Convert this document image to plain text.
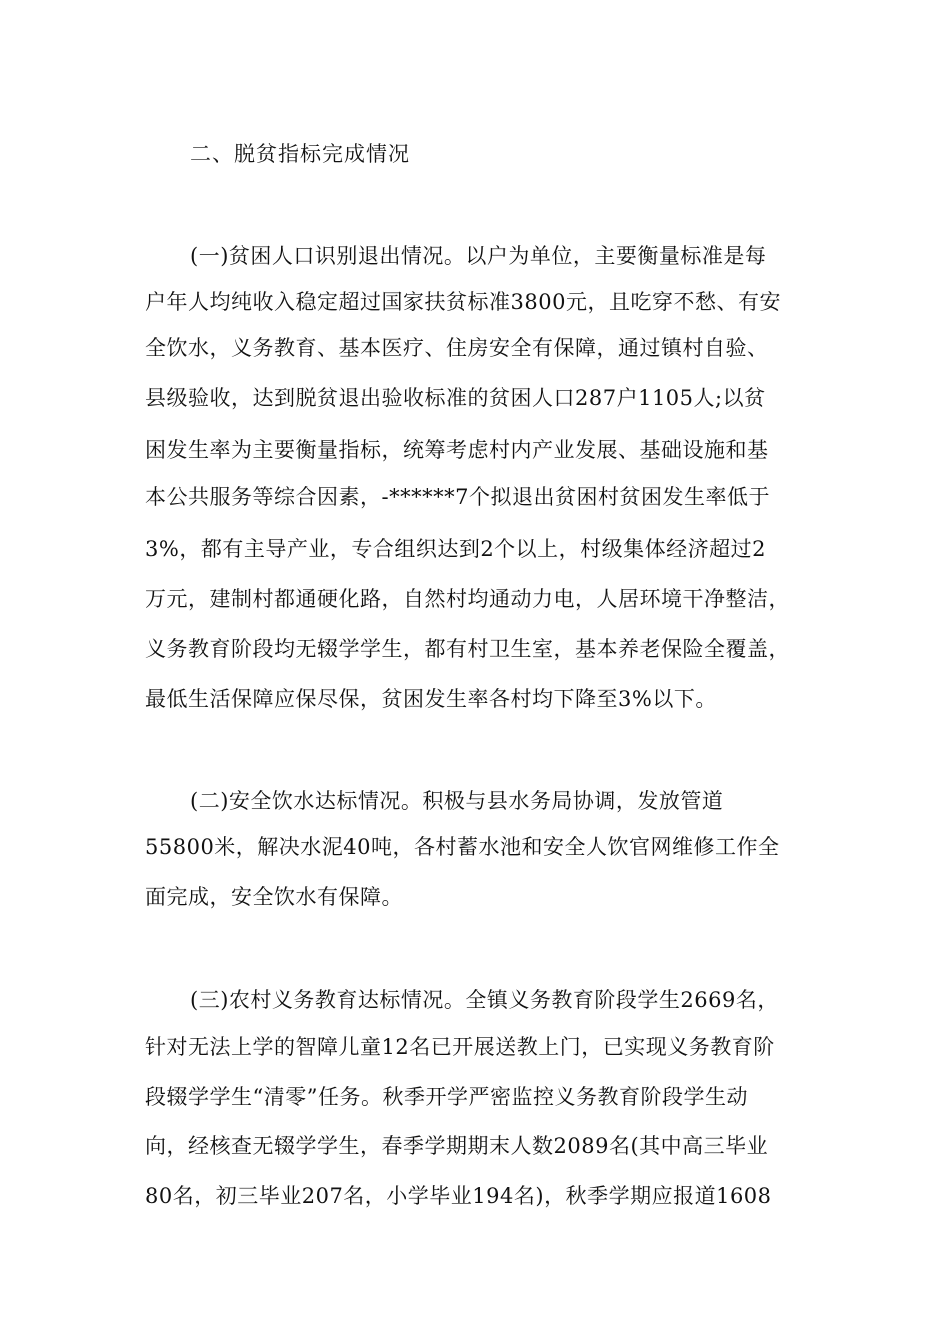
二、脱贫指标完成情况
(一)贫困人口识别退出情况。以户为单位，主要衡量标准是每
户年人均纯收入稳定超过国家扶贫标准3800元，且吃穿不愁、有安
全饮水，义务教育、基本医疗、住房安全有保障，通过镇村自验、
县级验收，达到脱贫退出验收标准的贫困人口287户1105人;以贫
困发生率为主要衡量指标，统筹考虑村内产业发展、基础设施和基
本公共服务等综合因素，-******7个拟退出贫困村贫困发生率低于
3%，都有主导产业，专合组织达到2个以上，村级集体经济超过2
万元，建制村都通硬化路，自然村均通动力电，人居环境干净整洁，
义务教育阶段均无辍学学生，都有村卫生室，基本养老保险全覆盖，
最低生活保障应保尽保，贫困发生率各村均下降至3%以下。
(二)安全饮水达标情况。积极与县水务局协调，发放管道
55800米，解决水泥40吨，各村蓄水池和安全人饮官网维修工作全
面完成，安全饮水有保障。
(三)农村义务教育达标情况。全镇义务教育阶段学生2669名，
针对无法上学的智障儿童12名已开展送教上门，已实现义务教育阶
段辍学学生“清零”任务。秋季开学严密监控义务教育阶段学生动
向，经核查无辍学学生，春季学期期末人数2089名(其中高三毕业
80名，初三毕业207名，小学毕业194名)，秋季学期应报道1608
